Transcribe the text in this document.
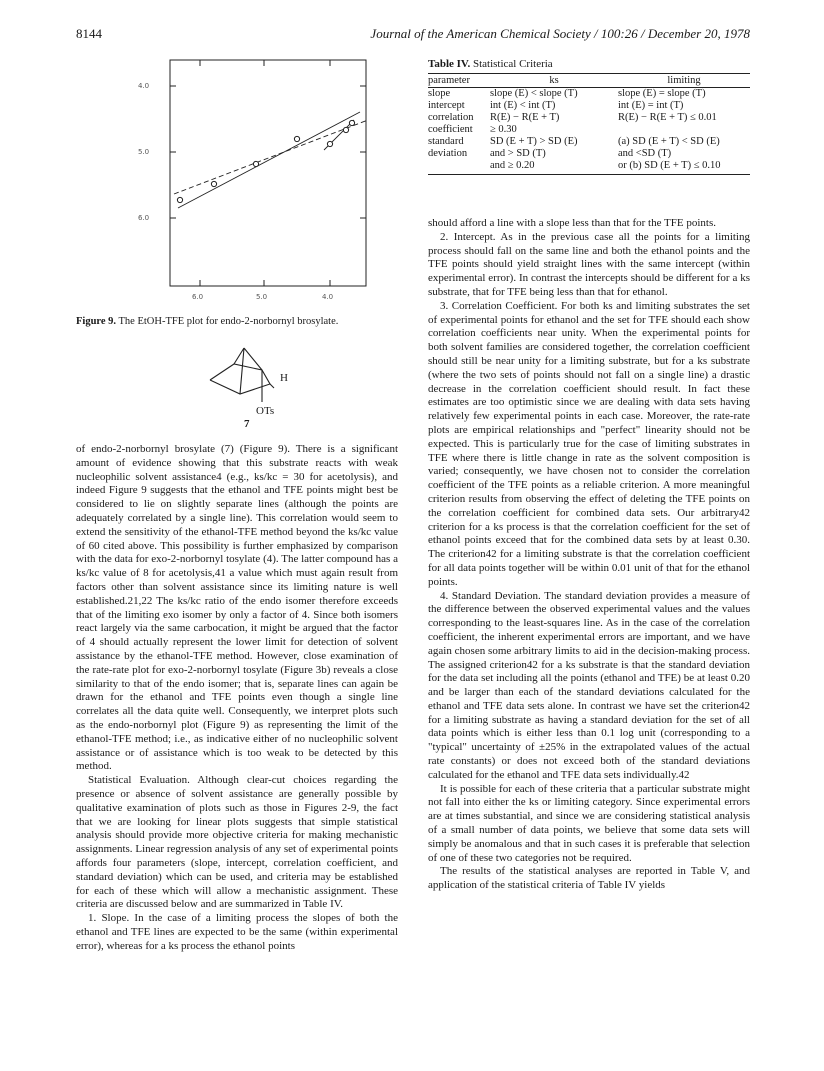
8144	Journal of the American Chemical Society / 100:26 / December 20, 1978
4.0
5.0
6.0
6.0	5.0	4.0
Figure 9. The EtOH-TFE plot for endo-2-norbornyl brosylate.
H
OTs
7
Table IV. Statistical Criteria
parameter	ks	limiting
slope	slope (E) < slope (T)	slope (E) = slope (T)
intercept	int (E) < int (T)	int (E) = int (T)
correlation	R(E) − R(E + T)	R(E) − R(E + T) ≤ 0.01
coefficient	≥ 0.30	
standard	SD (E + T) > SD (E)	(a) SD (E + T) < SD (E)
deviation	and > SD (T)	and <SD (T)
	and ≥ 0.20	or (b) SD (E + T) ≤ 0.10

of endo-2-norbornyl brosylate (7) (Figure 9). There is a significant amount of evidence showing that this substrate reacts with weak nucleophilic solvent assistance4 (e.g., ks/kc = 30 for acetolysis), and indeed Figure 9 suggests that the ethanol and TFE points might best be considered to lie on slightly separate lines (although the points are adequately correlated by a single line). This correlation would seem to extend the sensitivity of the ethanol-TFE method beyond the ks/kc value of 60 cited above. This possibility is further emphasized by comparison with the data for exo-2-norbornyl tosylate (4). The latter compound has a ks/kc value of 8 for acetolysis,41 a value which must again result from factors other than solvent assistance since its limiting nature is well established.21,22 The ks/kc ratio of the endo isomer therefore exceeds that of the limiting exo isomer by only a factor of 4. Since both isomers react largely via the same carbocation, it might be argued that the factor of 4 should actually represent the lower limit for detection of solvent assistance by the ethanol-TFE method. However, close examination of the rate-rate plot for exo-2-norbornyl tosylate (Figure 3b) reveals a close similarity to that of the endo isomer; that is, separate lines can again be drawn for the ethanol and TFE points even though a single line correlates all the data quite well. Consequently, we interpret plots such as the endo-norbornyl plot (Figure 9) as representing the limit of the ethanol-TFE method; i.e., as indicative either of no nucleophilic solvent assistance or of assistance which is too weak to be detected by this method.

Statistical Evaluation. Although clear-cut choices regarding the presence or absence of solvent assistance are generally possible by qualitative examination of plots such as those in Figures 2-9, the fact that we are looking for linear plots suggests that simple statistical analysis should provide more objective criteria for making mechanistic assignments. Linear regression analysis of any set of experimental points affords four parameters (slope, intercept, correlation coefficient, and standard deviation) which can be used, and criteria may be established for each of these which will allow a mechanistic assignment. These criteria are discussed below and are summarized in Table IV.

1. Slope. In the case of a limiting process the slopes of both the ethanol and TFE lines are expected to be the same (within experimental error), whereas for a ks process the ethanol points

should afford a line with a slope less than that for the TFE points.

2. Intercept. As in the previous case all the points for a limiting process should fall on the same line and both the ethanol points and the TFE points should yield straight lines with the same intercept (within experimental error). In contrast the intercepts should be different for a ks substrate, that for TFE being less than that for ethanol.

3. Correlation Coefficient. For both ks and limiting substrates the set of experimental points for ethanol and the set for TFE should each show correlation coefficients near unity. When the experimental points for both solvent families are considered together, the correlation coefficient should still be near unity for a limiting substrate, but for a ks substrate (where the two sets of points should not fall on a single line) a drastic decrease in the correlation coefficient should result. In fact these estimates are too optimistic since we are dealing with data sets having relatively few experimental points in each case. Moreover, the rate-rate plots are empirical relationships and "perfect" linearity should not be expected. This is particularly true for the case of limiting substrates in TFE where there is little change in rate as the solvent composition is varied; consequently, we have chosen not to consider the correlation coefficient of the TFE points as a reliable criterion. A more meaningful criterion results from observing the effect of deleting the TFE points on the correlation coefficient for combined data sets. Our arbitrary42 criterion for a ks process is that the correlation coefficient for the set of ethanol points exceed that for the combined data sets by at least 0.30. The criterion42 for a limiting substrate is that the correlation coefficient for all data points together will be within 0.01 unit of that for the ethanol points.

4. Standard Deviation. The standard deviation provides a measure of the difference between the observed experimental values and the values corresponding to the least-squares line. As in the case of the correlation coefficient, the inherent experimental errors are important, and we have again chosen some arbitrary limits to aid in the decision-making process. The assigned criterion42 for a ks substrate is that the standard deviation for the data set including all the points (ethanol and TFE) be at least 0.20 and be larger than each of the standard deviations calculated for the ethanol and TFE data sets alone. In contrast we have set the criterion42 for a limiting substrate as having a standard deviation for the set of all data points which is either less than 0.1 log unit (corresponding to a "typical" uncertainty of ±25% in the extrapolated values of the actual rate constants) or does not exceed both of the standard deviations calculated for the ethanol and TFE data sets individually.42

It is possible for each of these criteria that a particular substrate might not fall into either the ks or limiting category. Since experimental errors are at times substantial, and since we are considering statistical analysis of a small number of data points, we believe that some data sets will simply be anomalous and that in such cases it is preferable that selection of one of these two categories not be required.

The results of the statistical analyses are reported in Table V, and application of the statistical criteria of Table IV yields
